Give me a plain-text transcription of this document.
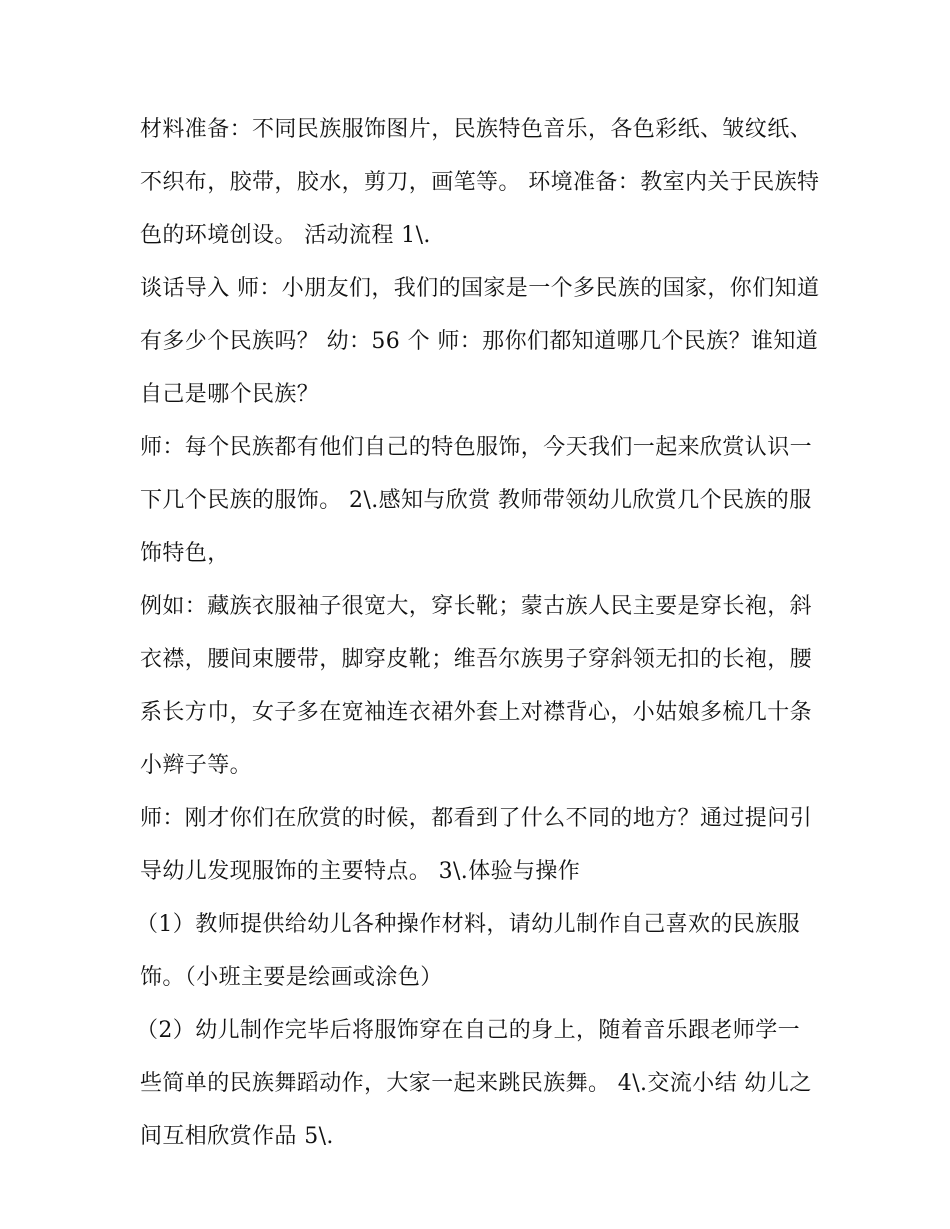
材料准备：不同民族服饰图片，民族特色音乐，各色彩纸、皱纹纸、不织布，胶带，胶水，剪刀，画笔等。 环境准备：教室内关于民族特色的环境创设。 活动流程 1\.

谈话导入 师：小朋友们，我们的国家是一个多民族的国家，你们知道有多少个民族吗？ 幼：56 个 师：那你们都知道哪几个民族？谁知道自己是哪个民族？

师：每个民族都有他们自己的特色服饰，今天我们一起来欣赏认识一下几个民族的服饰。 2\.感知与欣赏 教师带领幼儿欣赏几个民族的服饰特色，

例如：藏族衣服袖子很宽大，穿长靴；蒙古族人民主要是穿长袍，斜衣襟，腰间束腰带，脚穿皮靴；维吾尔族男子穿斜领无扣的长袍，腰系长方巾，女子多在宽袖连衣裙外套上对襟背心，小姑娘多梳几十条小辫子等。

师：刚才你们在欣赏的时候，都看到了什么不同的地方？通过提问引导幼儿发现服饰的主要特点。 3\.体验与操作

（1）教师提供给幼儿各种操作材料，请幼儿制作自己喜欢的民族服饰。（小班主要是绘画或涂色）

（2）幼儿制作完毕后将服饰穿在自己的身上，随着音乐跟老师学一些简单的民族舞蹈动作，大家一起来跳民族舞。 4\.交流小结 幼儿之间互相欣赏作品 5\.
